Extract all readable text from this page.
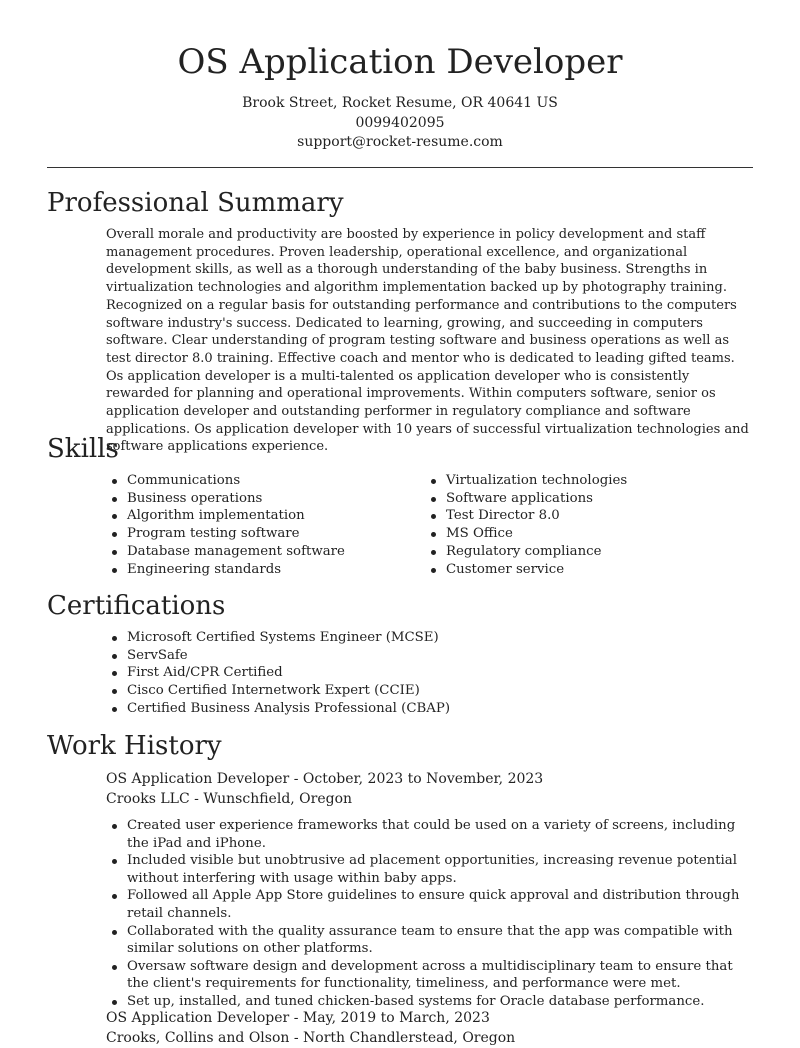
OS Application Developer
Brook Street, Rocket Resume, OR 40641 US
0099402095
support@rocket-resume.com
Professional Summary

Overall morale and productivity are boosted by experience in policy development and staff management procedures. Proven leadership, operational excellence, and organizational development skills, as well as a thorough understanding of the baby business. Strengths in virtualization technologies and algorithm implementation backed up by photography training. Recognized on a regular basis for outstanding performance and contributions to the computers software industry's success. Dedicated to learning, growing, and succeeding in computers software. Clear understanding of program testing software and business operations as well as test director 8.0 training. Effective coach and mentor who is dedicated to leading gifted teams. Os application developer is a multi-talented os application developer who is consistently rewarded for planning and operational improvements. Within computers software, senior os application developer and outstanding performer in regulatory compliance and software applications. Os application developer with 10 years of successful virtualization technologies and software applications experience.

Skills
Communications
Business operations
Algorithm implementation
Program testing software
Database management software
Engineering standards
Virtualization technologies
Software applications
Test Director 8.0
MS Office
Regulatory compliance
Customer service
Certifications
Microsoft Certified Systems Engineer (MCSE)
ServSafe
First Aid/CPR Certified
Cisco Certified Internetwork Expert (CCIE)
Certified Business Analysis Professional (CBAP)
Work History
OS Application Developer - October, 2023 to November, 2023
Crooks LLC - Wunschfield, Oregon
Created user experience frameworks that could be used on a variety of screens, including the iPad and iPhone.
Included visible but unobtrusive ad placement opportunities, increasing revenue potential without interfering with usage within baby apps.
Followed all Apple App Store guidelines to ensure quick approval and distribution through retail channels.
Collaborated with the quality assurance team to ensure that the app was compatible with similar solutions on other platforms.
Oversaw software design and development across a multidisciplinary team to ensure that the client's requirements for functionality, timeliness, and performance were met.
Set up, installed, and tuned chicken-based systems for Oracle database performance.
OS Application Developer - May, 2019 to March, 2023
Crooks, Collins and Olson - North Chandlerstead, Oregon
